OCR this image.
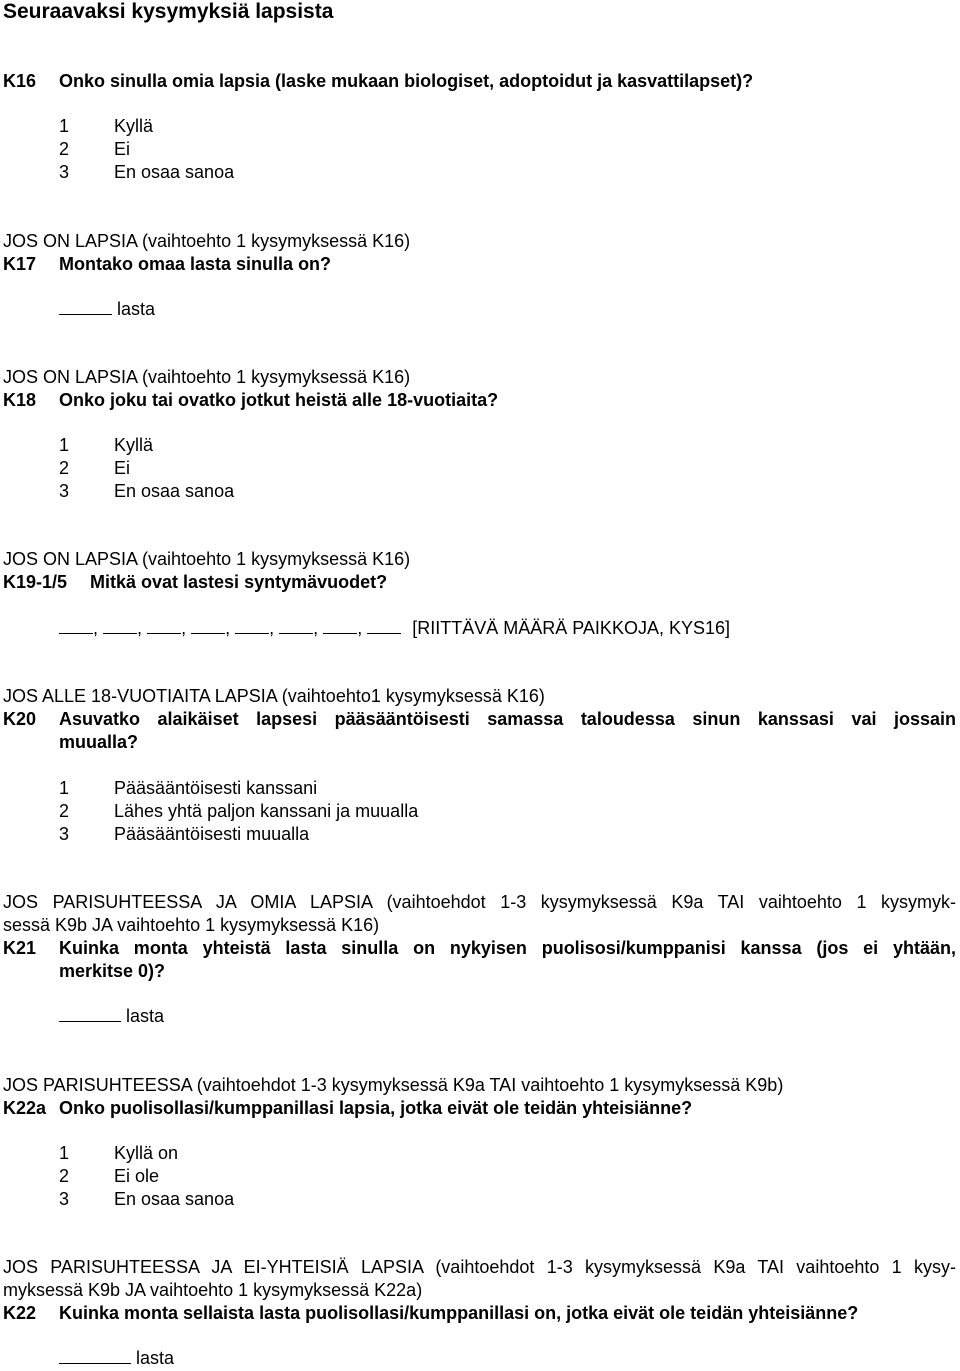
Seuraavaksi kysymyksiä lapsista
K16 Onko sinulla omia lapsia (laske mukaan biologiset, adoptoidut ja kasvattilapset)?
1 Kyllä
2 Ei
3 En osaa sanoa
JOS ON LAPSIA (vaihtoehto 1 kysymyksessä K16)
K17 Montako omaa lasta sinulla on?
lasta
JOS ON LAPSIA (vaihtoehto 1 kysymyksessä K16)
K18 Onko joku tai ovatko jotkut heistä alle 18-vuotiaita?
1 Kyllä
2 Ei
3 En osaa sanoa
JOS ON LAPSIA (vaihtoehto 1 kysymyksessä K16)
K19-1/5 Mitkä ovat lastesi syntymävuodet?
, , , , , , ,	[RIITTÄVÄ MÄÄRÄ PAIKKOJA, KYS16]
JOS ALLE 18-VUOTIAITA LAPSIA (vaihtoehto1 kysymyksessä K16)
K20 Asuvatko alaikäiset lapsesi pääsääntöisesti samassa taloudessa sinun kanssasi vai jossain
muualla?
1 Pääsääntöisesti kanssani
2 Lähes yhtä paljon kanssani ja muualla
3 Pääsääntöisesti muualla
JOS PARISUHTEESSA JA OMIA LAPSIA (vaihtoehdot 1-3 kysymyksessä K9a TAI vaihtoehto 1 kysymyk-
sessä K9b JA vaihtoehto 1 kysymyksessä K16)
K21 Kuinka monta yhteistä lasta sinulla on nykyisen puolisosi/kumppanisi kanssa (jos ei yhtään,
merkitse 0)?
lasta
JOS PARISUHTEESSA (vaihtoehdot 1-3 kysymyksessä K9a TAI vaihtoehto 1 kysymyksessä K9b)
K22a Onko puolisollasi/kumppanillasi lapsia, jotka eivät ole teidän yhteisiänne?
1 Kyllä on
2 Ei ole
3 En osaa sanoa
JOS PARISUHTEESSA JA EI-YHTEISIÄ LAPSIA (vaihtoehdot 1-3 kysymyksessä K9a TAI vaihtoehto 1 kysy-
myksessä K9b JA vaihtoehto 1 kysymyksessä K22a)
K22 Kuinka monta sellaista lasta puolisollasi/kumppanillasi on, jotka eivät ole teidän yhteisiänne?
lasta
